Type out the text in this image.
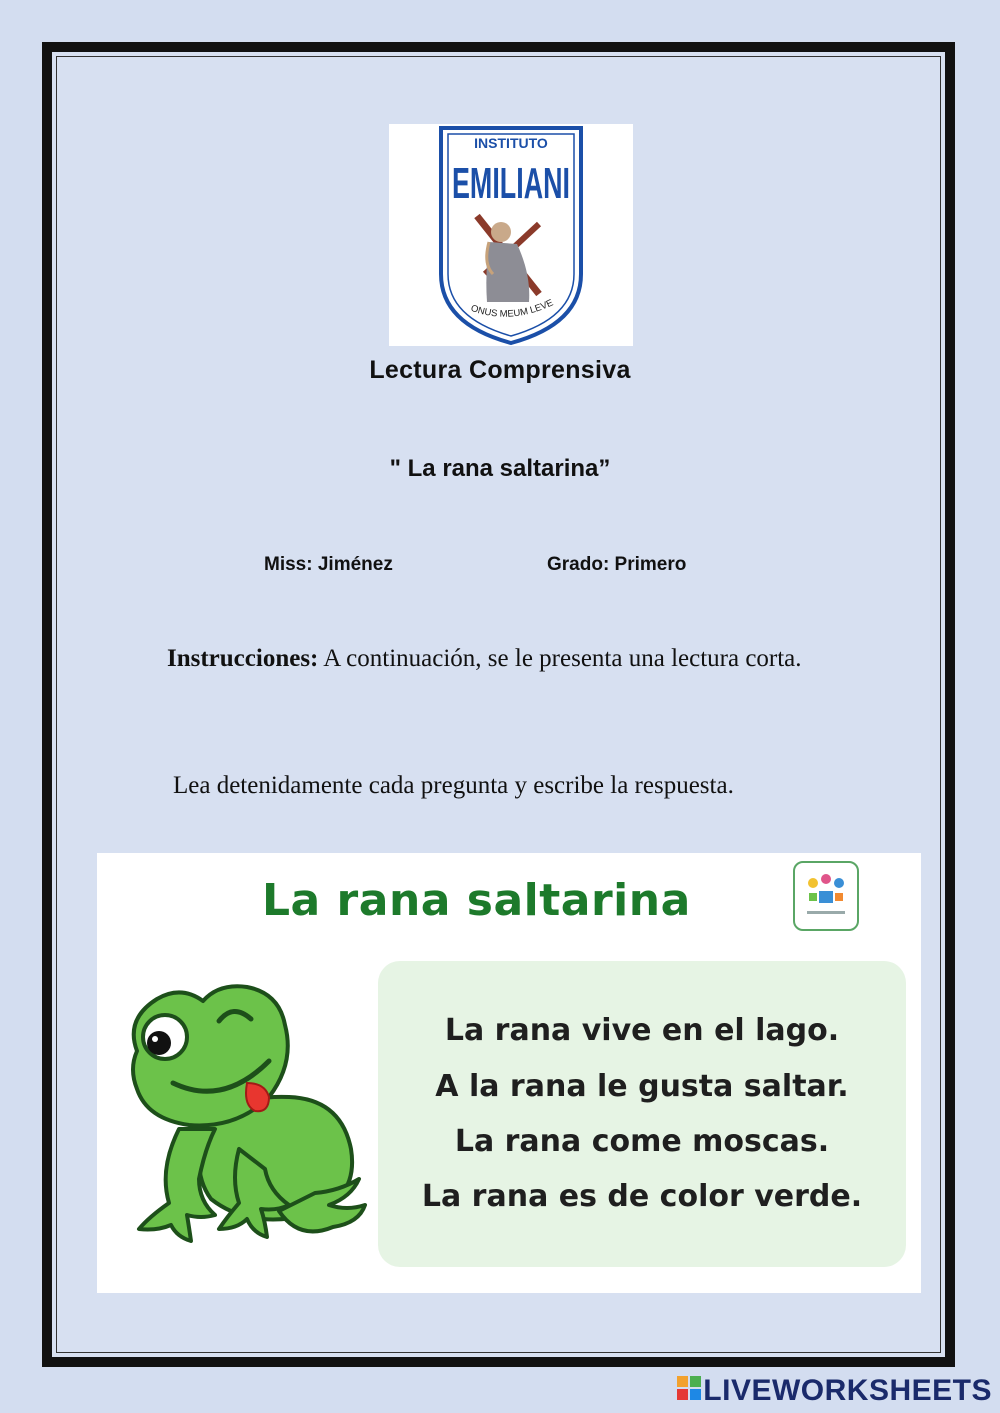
INSTITUTO
EMILIANI
ONUS MEUM LEVE
Lectura Comprensiva
" La rana saltarina”
Miss: Jiménez	Grado: Primero
Instrucciones: A continuación, se le presenta una lectura corta.
Lea detenidamente cada pregunta y escribe la respuesta.
La rana saltarina
La rana vive en el lago.
A la rana le gusta saltar.
La rana come moscas.
La rana es de color verde.
LIVEWORKSHEETS
